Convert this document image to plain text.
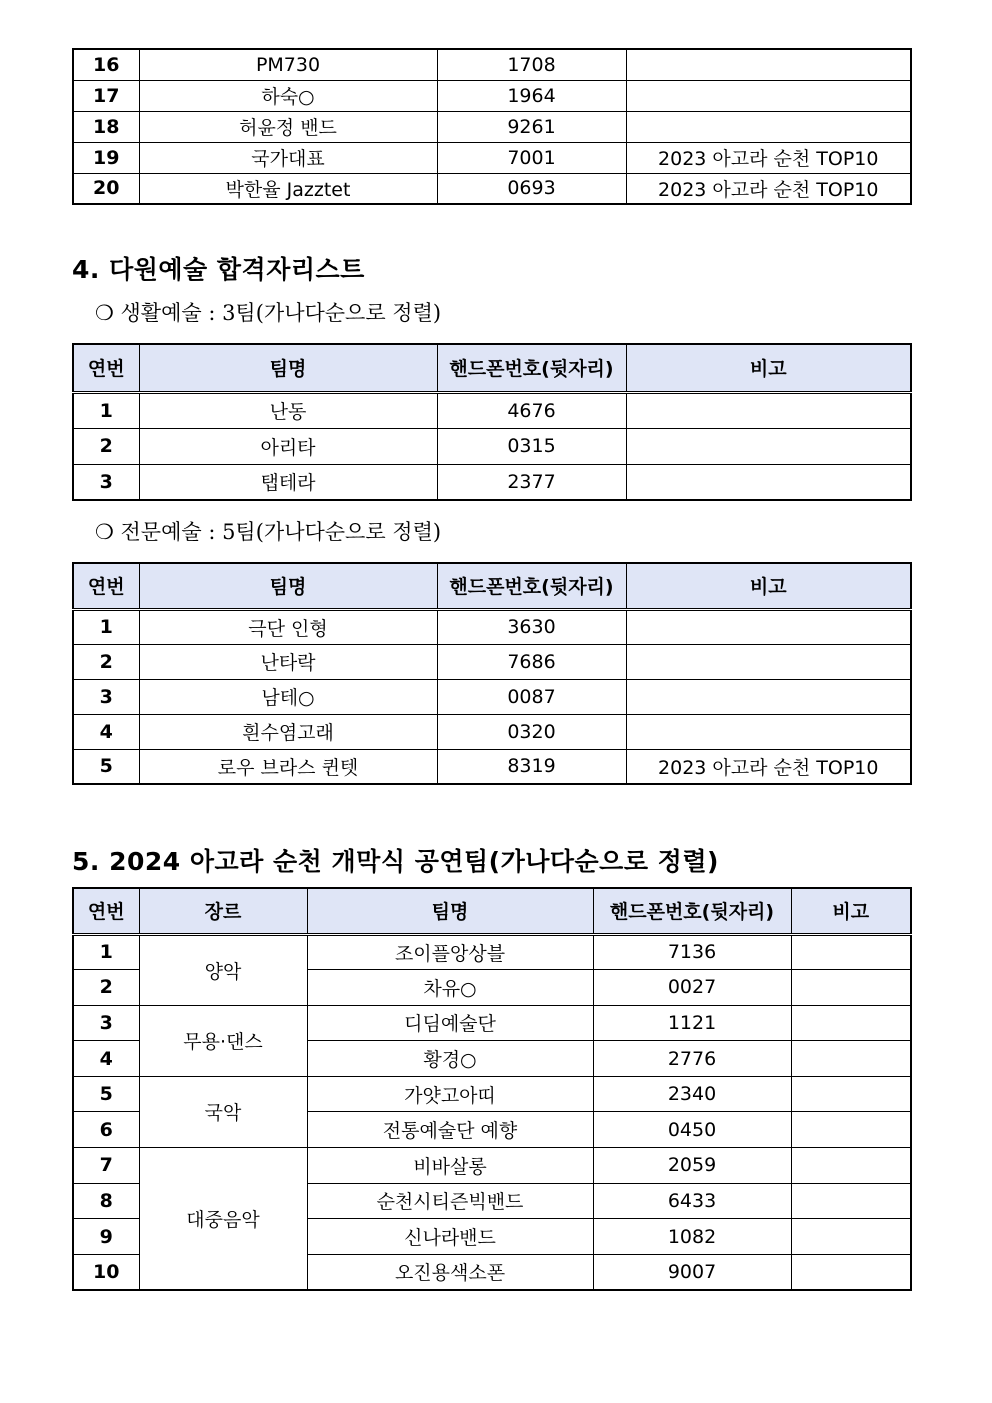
16	PM730	1708	
17	하숙○	1964	
18	허윤정 밴드	9261	
19	국가대표	7001	2023 아고라 순천 TOP10
20	박한율 Jazztet	0693	2023 아고라 순천 TOP10
4. 다원예술 합격자리스트
❍ 생활예술 : 3팀(가나다순으로 정렬)
연번	팀명	핸드폰번호(뒷자리)	비고
1	난동	4676	
2	아리타	0315	
3	탭테라	2377	
❍ 전문예술 : 5팀(가나다순으로 정렬)
연번	팀명	핸드폰번호(뒷자리)	비고
1	극단 인형	3630	
2	난타락	7686	
3	남테○	0087	
4	흰수염고래	0320	
5	로우 브라스 퀸텟	8319	2023 아고라 순천 TOP10
5. 2024 아고라 순천 개막식 공연팀(가나다순으로 정렬)
연번	장르	팀명	핸드폰번호(뒷자리)	비고
1	양악	조이플앙상블	7136	
2		차유○	0027	
3	무용·댄스	디딤예술단	1121	
4		황경○	2776	
5	국악	가얏고아띠	2340	
6		전통예술단 예향	0450	
7	대중음악	비바살롱	2059	
8		순천시티즌빅밴드	6433	
9		신나라밴드	1082	
10		오진용색소폰	9007	
